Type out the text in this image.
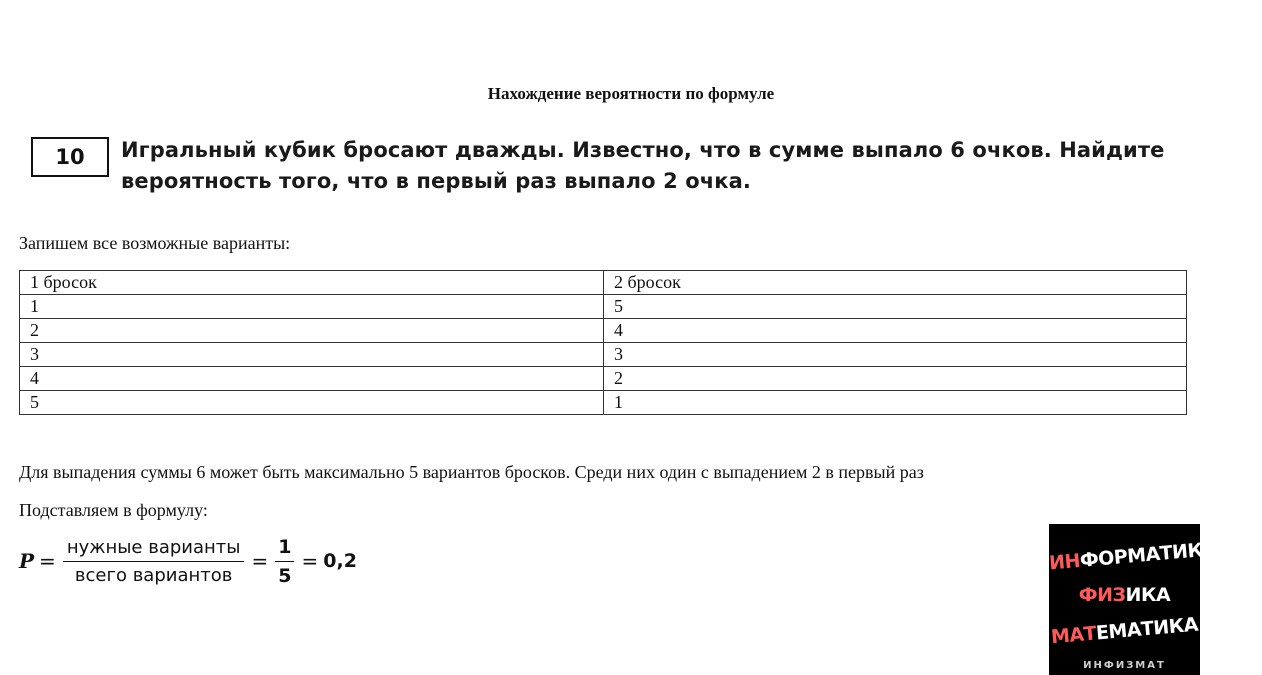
Нахождение вероятности по формуле
10	Игральный кубик бросают дважды. Известно, что в сумме выпало 6 очков. Найдите
вероятность того, что в первый раз выпало 2 очка.
Запишем все возможные варианты:
1 бросок	2 бросок
1	5
2	4
3	3
4	2
5	1
Для выпадения суммы 6 может быть максимально 5 вариантов бросков. Среди них один с выпадением 2 в первый раз
Подставляем в формулу:
$P = \frac{\text{нужные варианты}}{\text{всего вариантов}} = \frac{1}{5} = 0,2$	ИНФОРМАТИКА
ФИЗИКА
МАТЕМАТИКА
ИНФИЗМАТ
